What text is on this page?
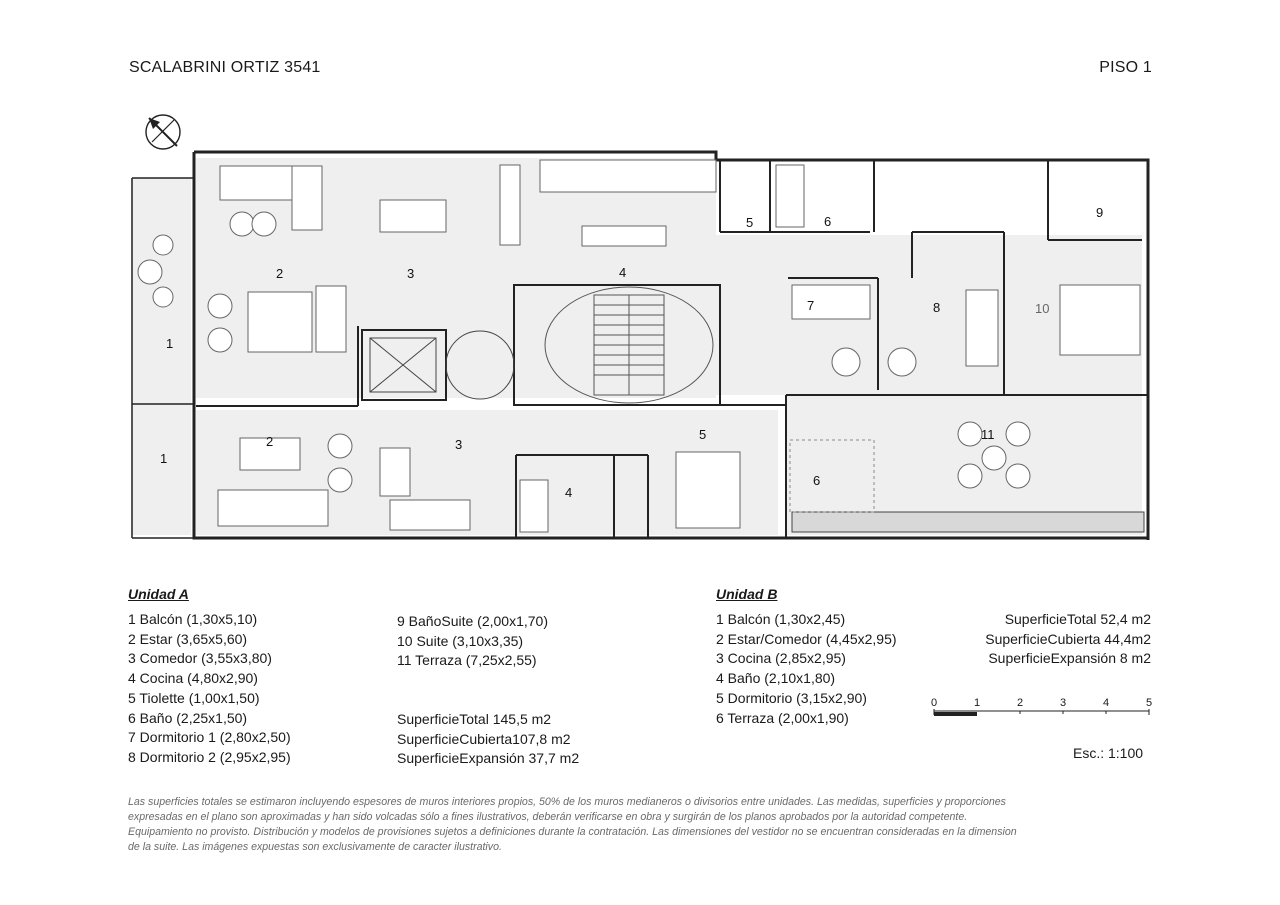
SCALABRINI ORTIZ 3541	PISO 1
1
2	3	4
5	6
7	8
9
10
11
1
2	3
4
5
6
Unidad A
1 Balcón (1,30x5,10)
2 Estar (3,65x5,60)
3 Comedor (3,55x3,80)
4 Cocina (4,80x2,90)
5 Tiolette (1,00x1,50)
6 Baño (2,25x1,50)
7 Dormitorio 1 (2,80x2,50)
8 Dormitorio 2 (2,95x2,95)
9 BañoSuite (2,00x1,70)
10 Suite (3,10x3,35)
11 Terraza (7,25x2,55)
SuperficieTotal 145,5 m2
SuperficieCubierta107,8 m2
SuperficieExpansión 37,7 m2
Unidad B
1 Balcón (1,30x2,45)
2 Estar/Comedor (4,45x2,95)
3 Cocina (2,85x2,95)
4 Baño (2,10x1,80)
5 Dormitorio (3,15x2,90)
6 Terraza (2,00x1,90)
SuperficieTotal 52,4 m2
SuperficieCubierta 44,4m2
SuperficieExpansión 8 m2
0	1	2	3	4	5
Esc.: 1:100
Las superficies totales se estimaron incluyendo espesores de muros interiores propios, 50% de los muros medianeros o divisorios entre unidades. Las medidas, superficies y proporciones expresadas en el plano son aproximadas y han sido volcadas sólo a fines ilustrativos, deberán verificarse en obra y surgirán de los planos aprobados por la autoridad competente. Equipamiento no provisto. Distribución y modelos de provisiones sujetos a definiciones durante la contratación. Las dimensiones del vestidor no se encuentran consideradas en la dimension de la suite. Las imágenes expuestas son exclusivamente de caracter ilustrativo.
